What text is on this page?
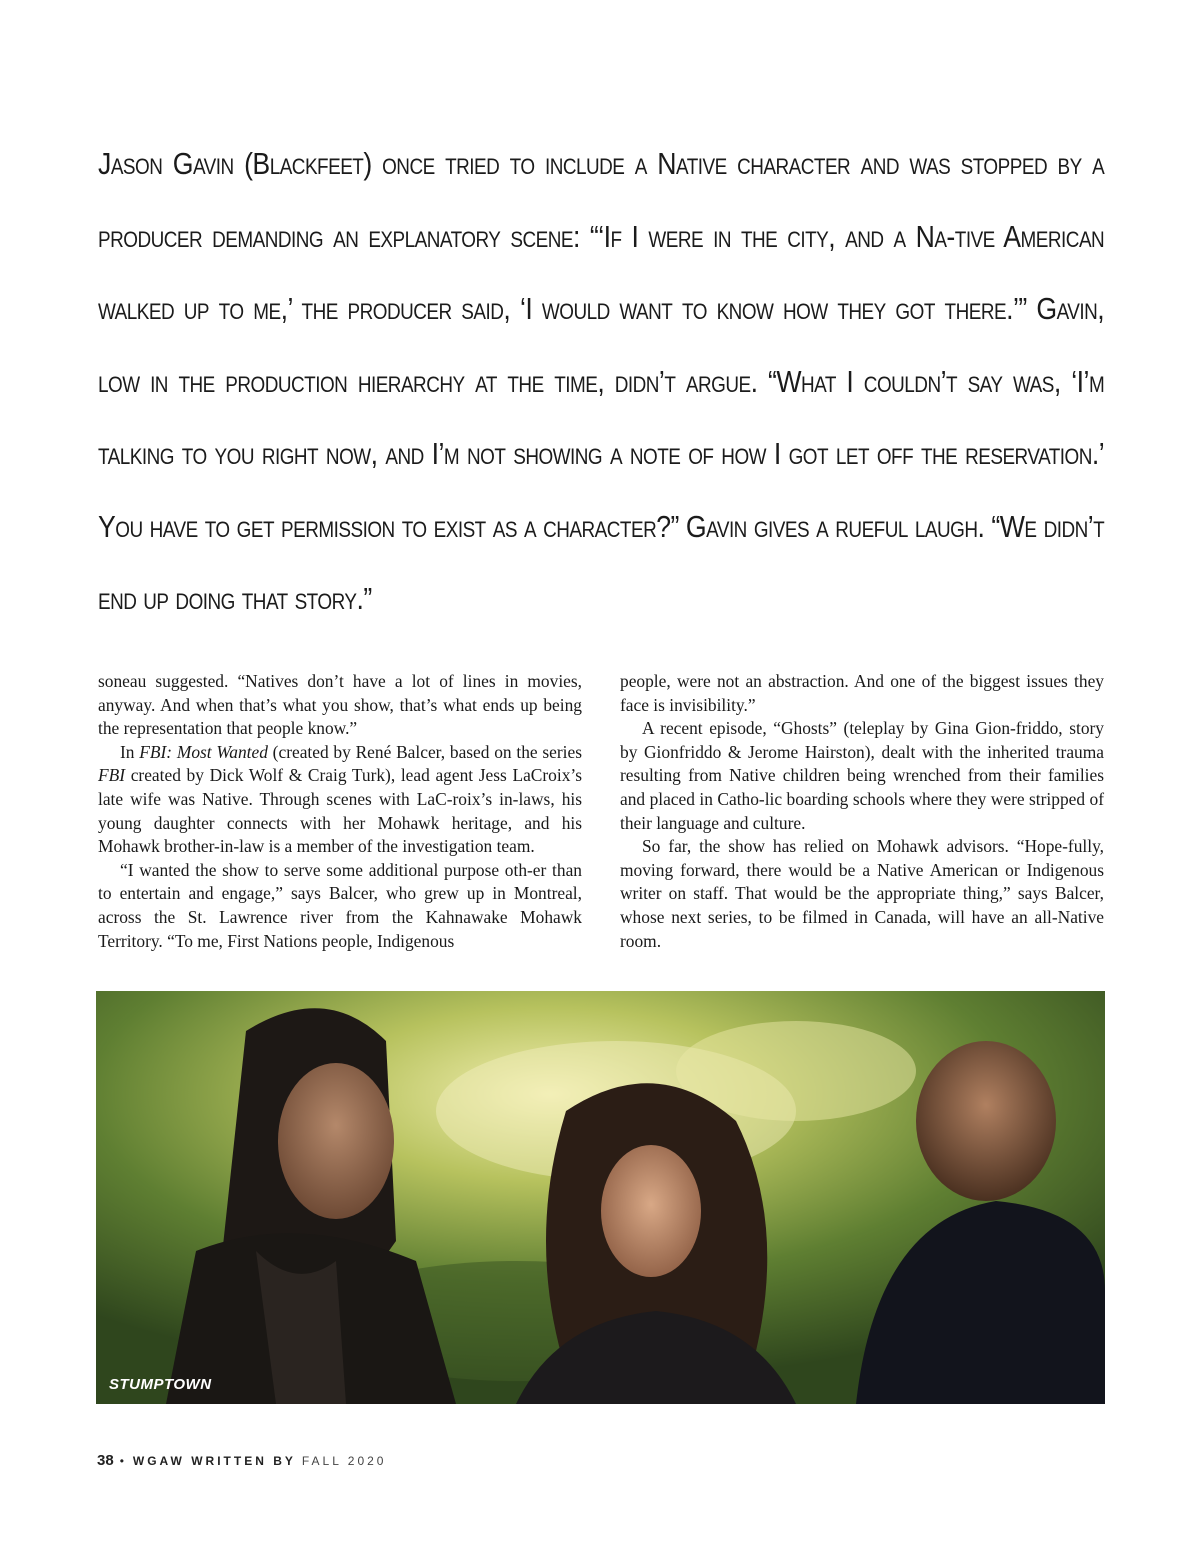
Jason Gavin (Blackfeet) once tried to include a Native character and was stopped by a producer demanding an explanatory scene: “‘If I were in the city, and a Na-tive American walked up to me,’ the producer said, ‘I would want to know how they got there.’” Gavin, low in the production hierarchy at the time, didn’t argue. “What I couldn’t say was, ‘I’m talking to you right now, and I’m not showing a note of how I got let off the reservation.’ You have to get permission to exist as a character?” Gavin gives a rueful laugh. “We didn’t end up doing that story.”

soneau suggested. “Natives don’t have a lot of lines in movies, anyway. And when that’s what you show, that’s what ends up being the representation that people know.”

In FBI: Most Wanted (created by René Balcer, based on the series FBI created by Dick Wolf & Craig Turk), lead agent Jess LaCroix’s late wife was Native. Through scenes with LaC-roix’s in-laws, his young daughter connects with her Mohawk heritage, and his Mohawk brother-in-law is a member of the investigation team.

“I wanted the show to serve some additional purpose oth-er than to entertain and engage,” says Balcer, who grew up in Montreal, across the St. Lawrence river from the Kahnawake Mohawk Territory. “To me, First Nations people, Indigenous

people, were not an abstraction. And one of the biggest issues they face is invisibility.”

A recent episode, “Ghosts” (teleplay by Gina Gion-friddo, story by Gionfriddo & Jerome Hairston), dealt with the inherited trauma resulting from Native children being wrenched from their families and placed in Catho-lic boarding schools where they were stripped of their language and culture.

So far, the show has relied on Mohawk advisors. “Hope-fully, moving forward, there would be a Native American or Indigenous writer on staff. That would be the appropriate thing,” says Balcer, whose next series, to be filmed in Canada, will have an all-Native room.

STUMPTOWN
38 • WGAW WRITTEN BY FALL 2020
